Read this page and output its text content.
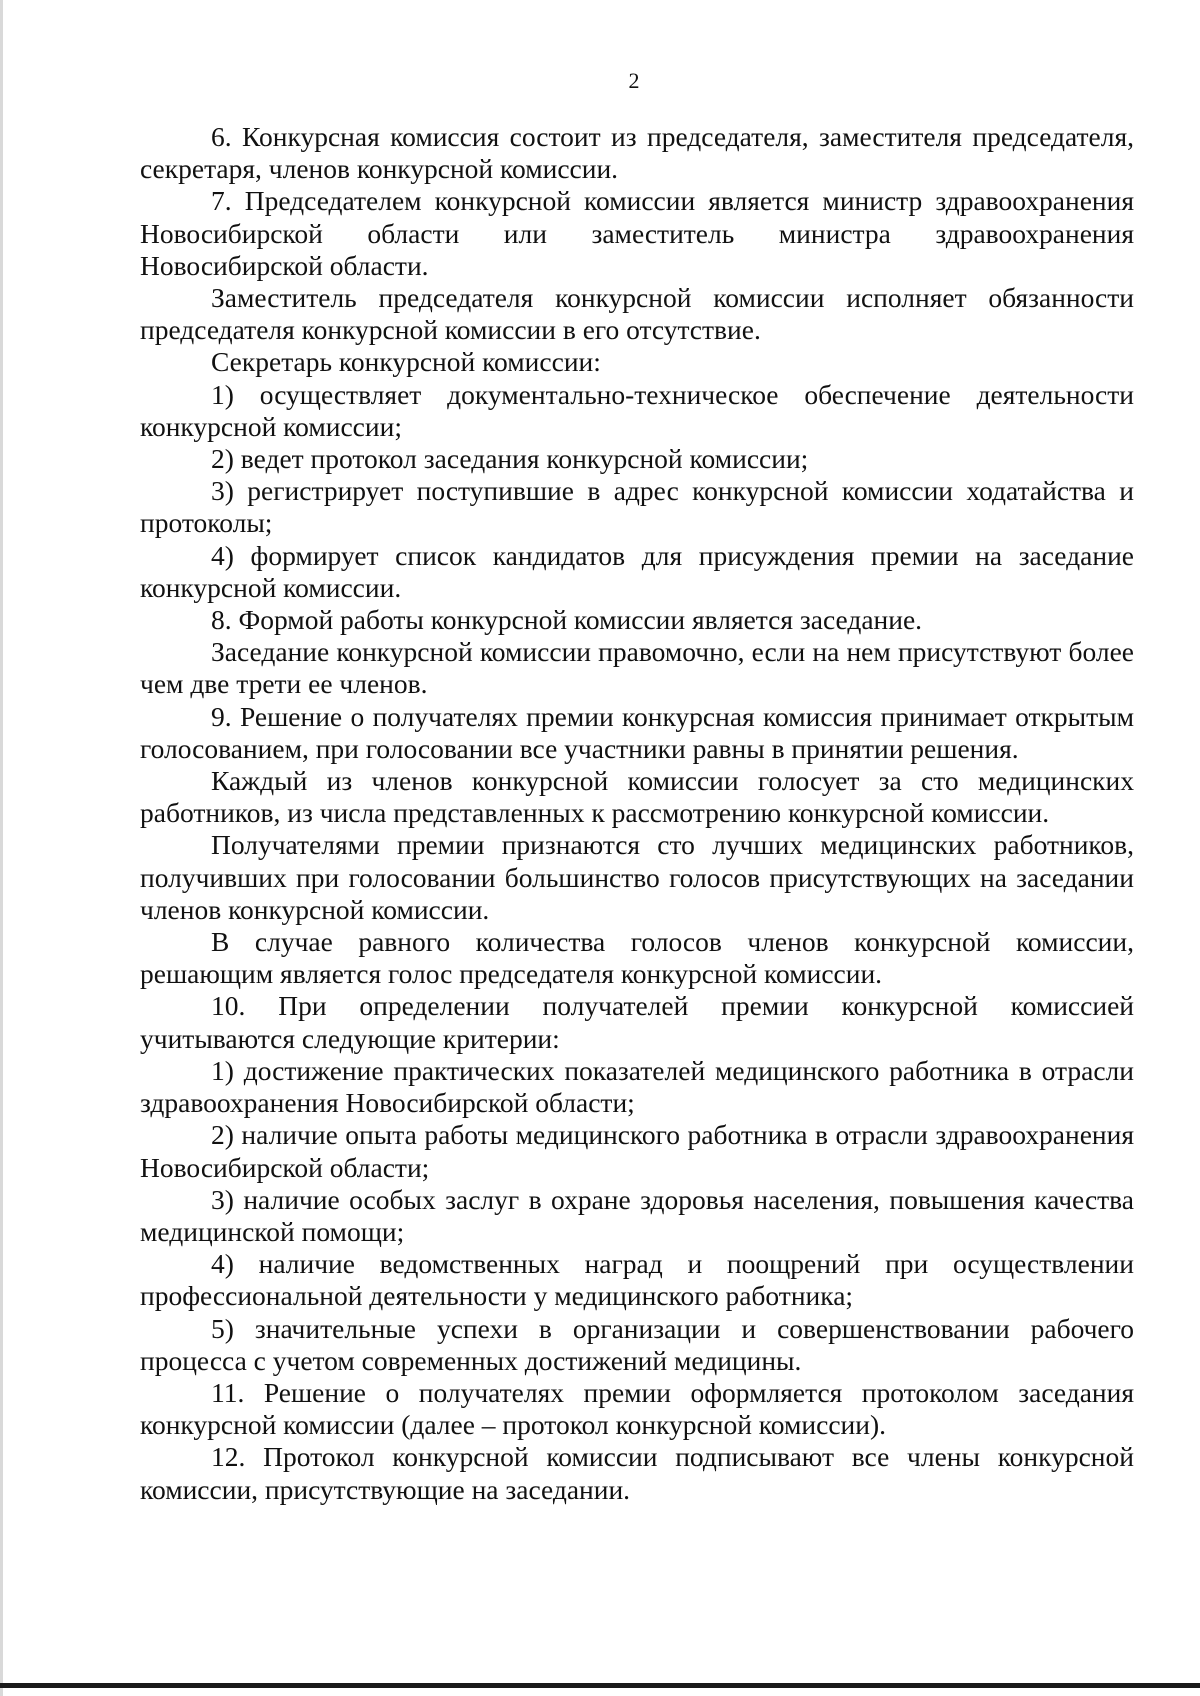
2

6. Конкурсная комиссия состоит из председателя, заместителя председателя, секретаря, членов конкурсной комиссии.

7. Председателем конкурсной комиссии является министр здравоохранения Новосибирской области или заместитель министра здравоохранения Новосибирской области.

Заместитель председателя конкурсной комиссии исполняет обязанности председателя конкурсной комиссии в его отсутствие.

Секретарь конкурсной комиссии:

1) осуществляет документально-техническое обеспечение деятельности конкурсной комиссии;

2) ведет протокол заседания конкурсной комиссии;

3) регистрирует поступившие в адрес конкурсной комиссии ходатайства и протоколы;

4) формирует список кандидатов для присуждения премии на заседание конкурсной комиссии.

8. Формой работы конкурсной комиссии является заседание.

Заседание конкурсной комиссии правомочно, если на нем присутствуют более чем две трети ее членов.

9. Решение о получателях премии конкурсная комиссия принимает открытым голосованием, при голосовании все участники равны в принятии решения.

Каждый из членов конкурсной комиссии голосует за сто медицинских работников, из числа представленных к рассмотрению конкурсной комиссии.

Получателями премии признаются сто лучших медицинских работников, получивших при голосовании большинство голосов присутствующих на заседании членов конкурсной комиссии.

В случае равного количества голосов членов конкурсной комиссии, решающим является голос председателя конкурсной комиссии.

10. При определении получателей премии конкурсной комиссией учитываются следующие критерии:

1) достижение практических показателей медицинского работника в отрасли здравоохранения Новосибирской области;

2) наличие опыта работы медицинского работника в отрасли здравоохранения Новосибирской области;

3) наличие особых заслуг в охране здоровья населения, повышения качества медицинской помощи;

4) наличие ведомственных наград и поощрений при осуществлении профессиональной деятельности у медицинского работника;

5) значительные успехи в организации и совершенствовании рабочего процесса с учетом современных достижений медицины.

11. Решение о получателях премии оформляется протоколом заседания конкурсной комиссии (далее – протокол конкурсной комиссии).

12. Протокол конкурсной комиссии подписывают все члены конкурсной комиссии, присутствующие на заседании.
